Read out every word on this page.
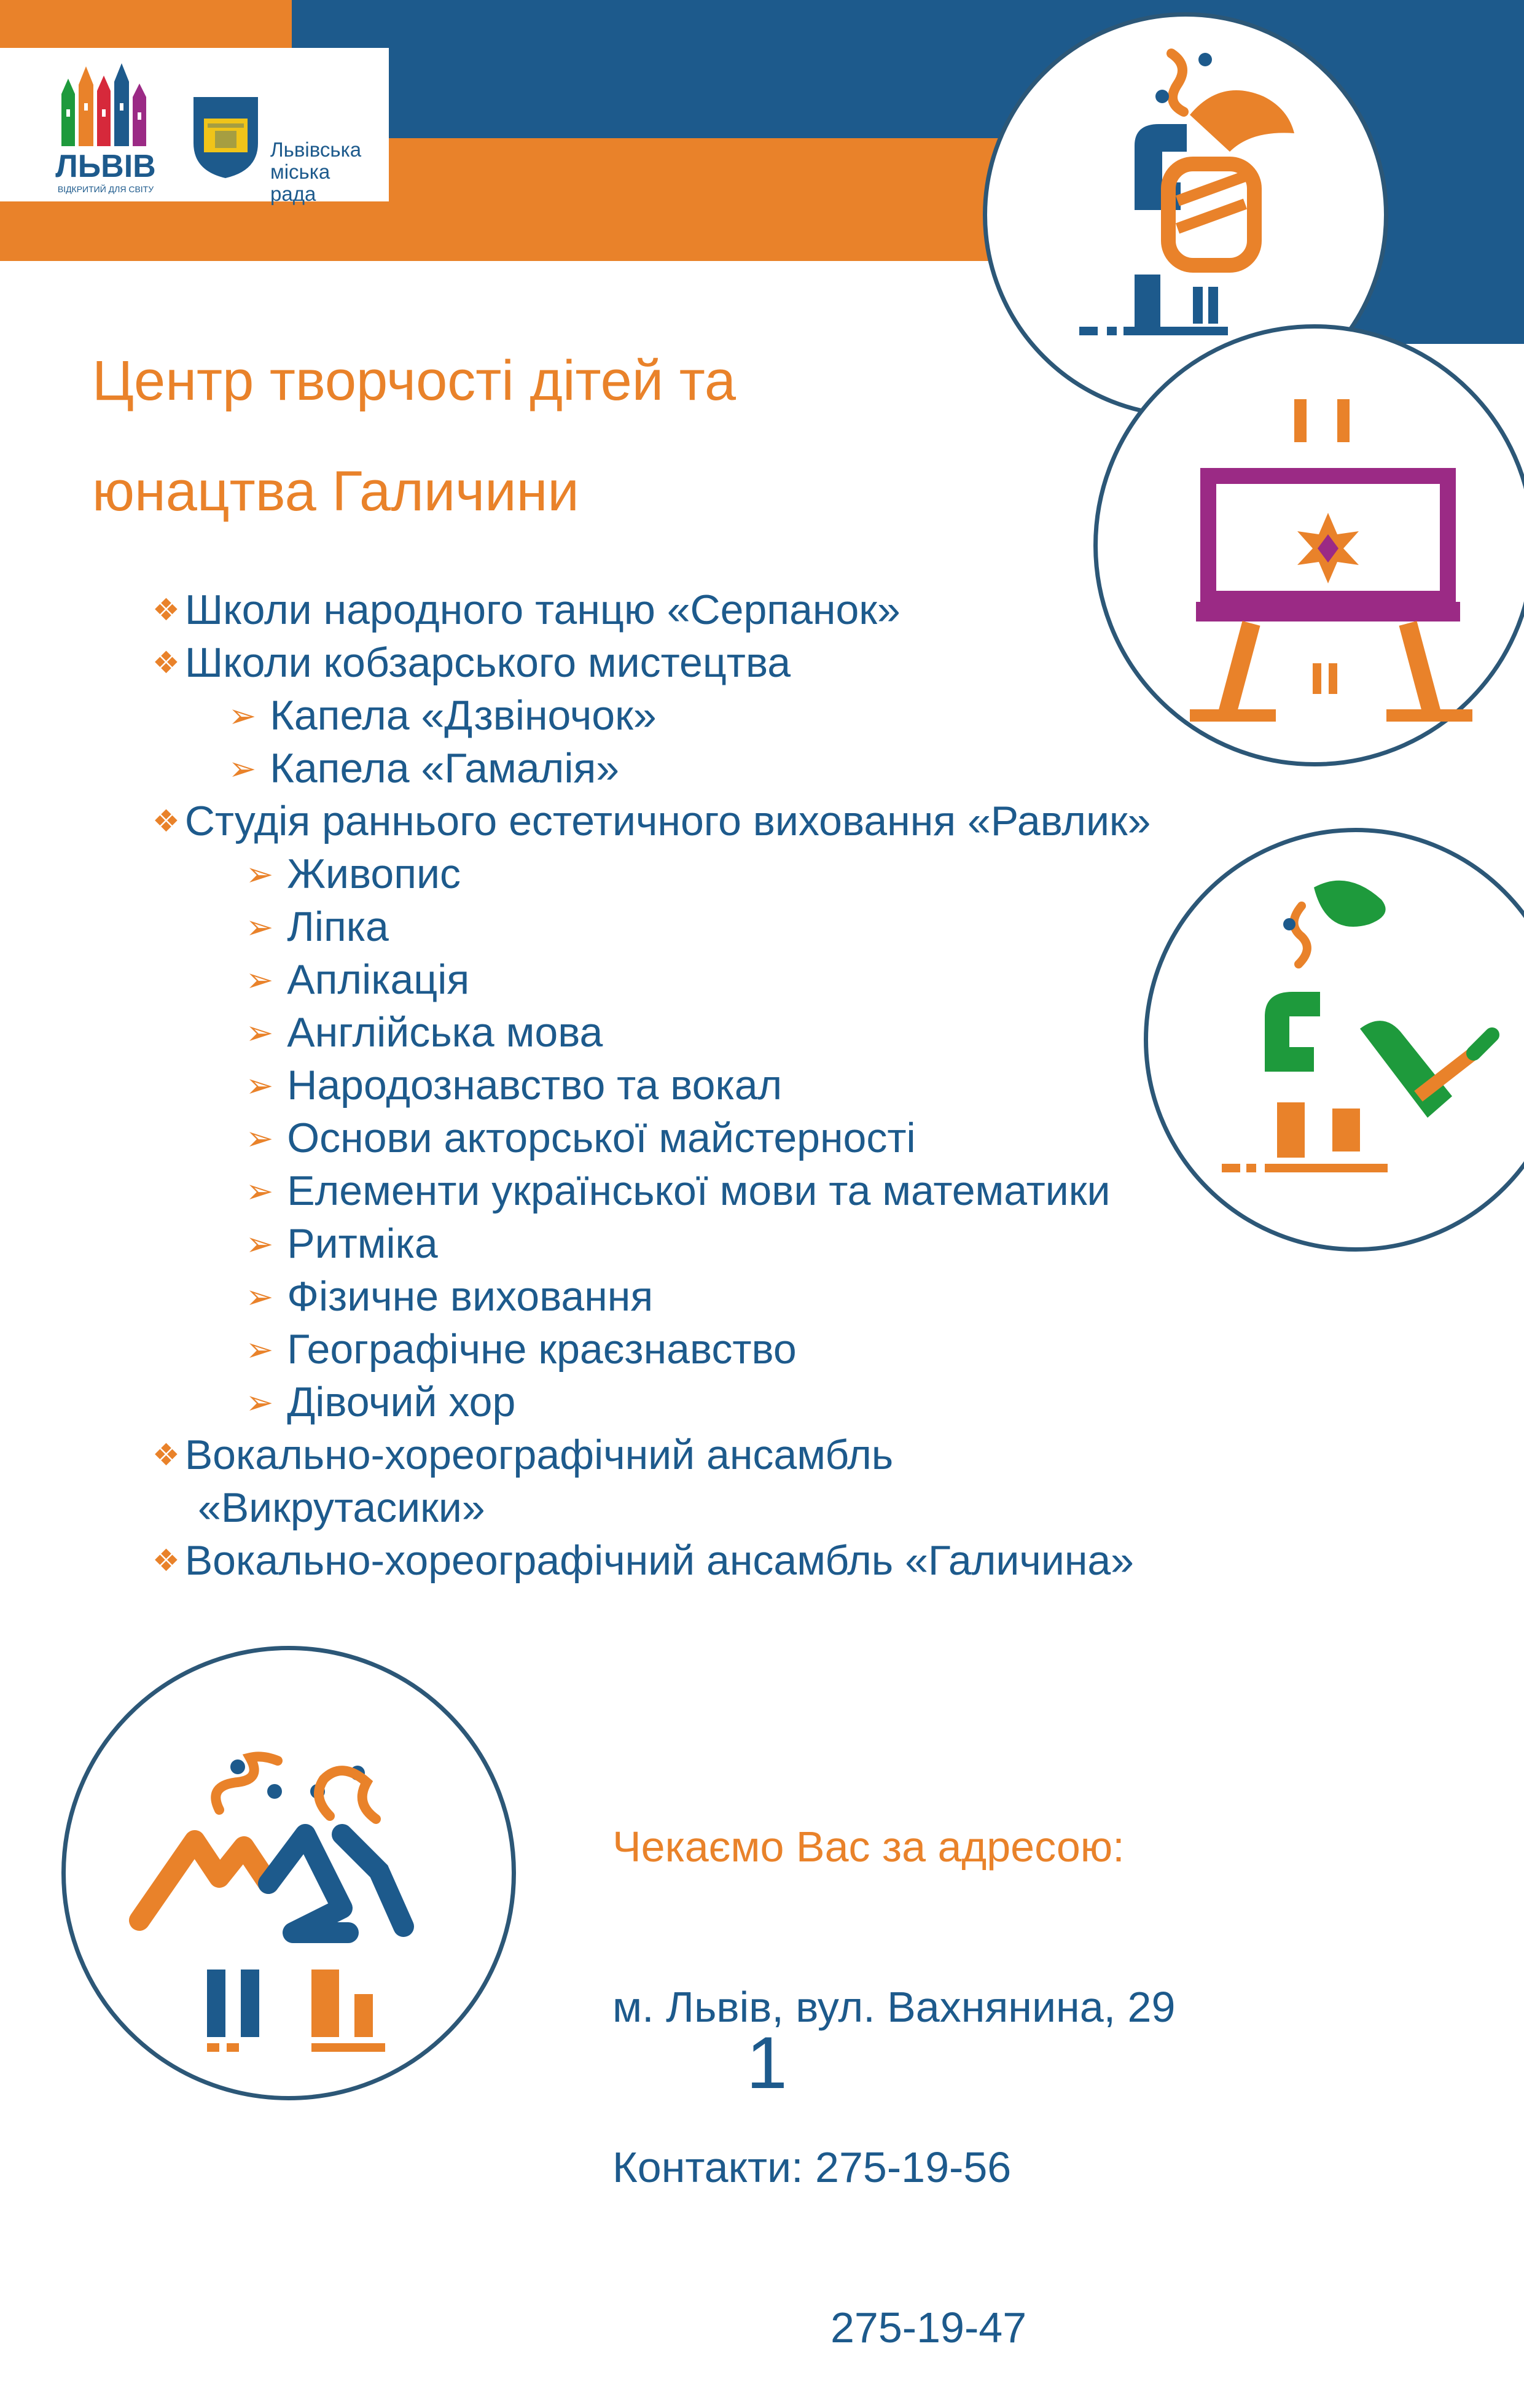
ЛЬВІВ
ВІДКРИТИЙ ДЛЯ СВІТУ
Львівська
міська
рада
Центр творчості дітей та
юнацтва Галичини
❖ Школи народного танцю «Серпанок»
❖ Школи кобзарського мистецтва
➢ Капела «Дзвіночок»
➢ Капела «Гамалія»
❖ Студія раннього естетичного виховання «Равлик»
➢ Живопис
➢ Ліпка
➢ Аплікація
➢ Англійська мова
➢ Народознавство та вокал
➢ Основи акторської майстерності
➢ Елементи української мови та математики
➢ Ритміка
➢ Фізичне виховання
➢ Географічне краєзнавство
➢ Дівочий хор
❖ Вокально-хореографічний ансамбль
«Викрутасики»
❖ Вокально-хореографічний ансамбль «Галичина»

Чекаємо Вас за адресою:

м. Львів, вул. Вахнянина, 29

Контакти: 275-19-56

275-19-47

1
